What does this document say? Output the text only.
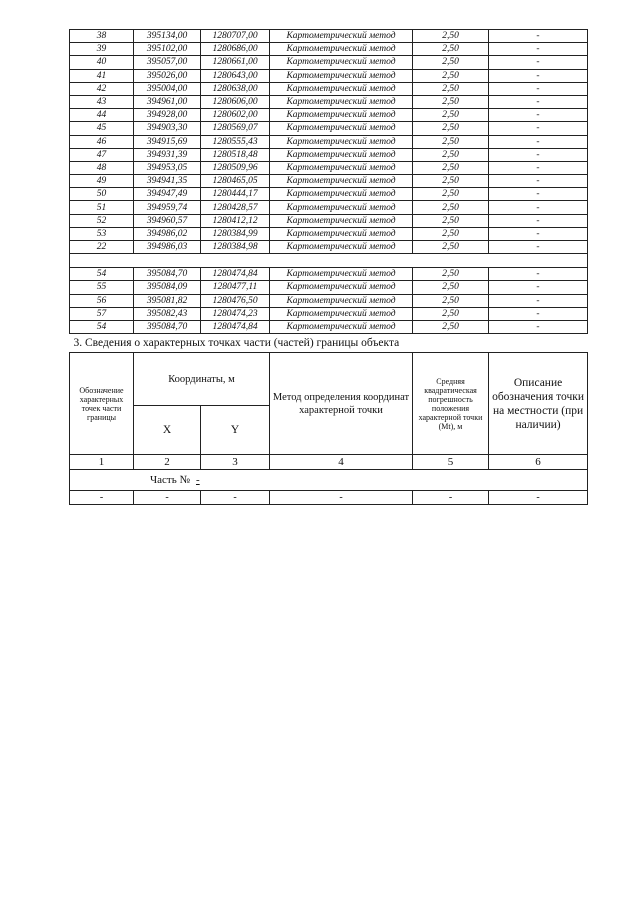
38	395134,00	1280707,00	Картометрический метод	2,50	-
39	395102,00	1280686,00	Картометрический метод	2,50	-
40	395057,00	1280661,00	Картометрический метод	2,50	-
41	395026,00	1280643,00	Картометрический метод	2,50	-
42	395004,00	1280638,00	Картометрический метод	2,50	-
43	394961,00	1280606,00	Картометрический метод	2,50	-
44	394928,00	1280602,00	Картометрический метод	2,50	-
45	394903,30	1280569,07	Картометрический метод	2,50	-
46	394915,69	1280555,43	Картометрический метод	2,50	-
47	394931,39	1280518,48	Картометрический метод	2,50	-
48	394953,05	1280509,96	Картометрический метод	2,50	-
49	394941,35	1280465,05	Картометрический метод	2,50	-
50	394947,49	1280444,17	Картометрический метод	2,50	-
51	394959,74	1280428,57	Картометрический метод	2,50	-
52	394960,57	1280412,12	Картометрический метод	2,50	-
53	394986,02	1280384,99	Картометрический метод	2,50	-
22	394986,03	1280384,98	Картометрический метод	2,50	-

54	395084,70	1280474,84	Картометрический метод	2,50	-
55	395084,09	1280477,11	Картометрический метод	2,50	-
56	395081,82	1280476,50	Картометрический метод	2,50	-
57	395082,43	1280474,23	Картометрический метод	2,50	-
54	395084,70	1280474,84	Картометрический метод	2,50	-
3. Сведения о характерных точках части (частей) границы объекта					
Обозначение характерных точек части границы	Координаты, м		Метод определения координат характерной точки	Средняя квадратическая погрешность положения характерной точки (Mt), м	Описание обозначения точки на местности (при наличии)
	X	Y			
1	2	3	4	5	6
Часть № -					
-	-	-	-	-	-
